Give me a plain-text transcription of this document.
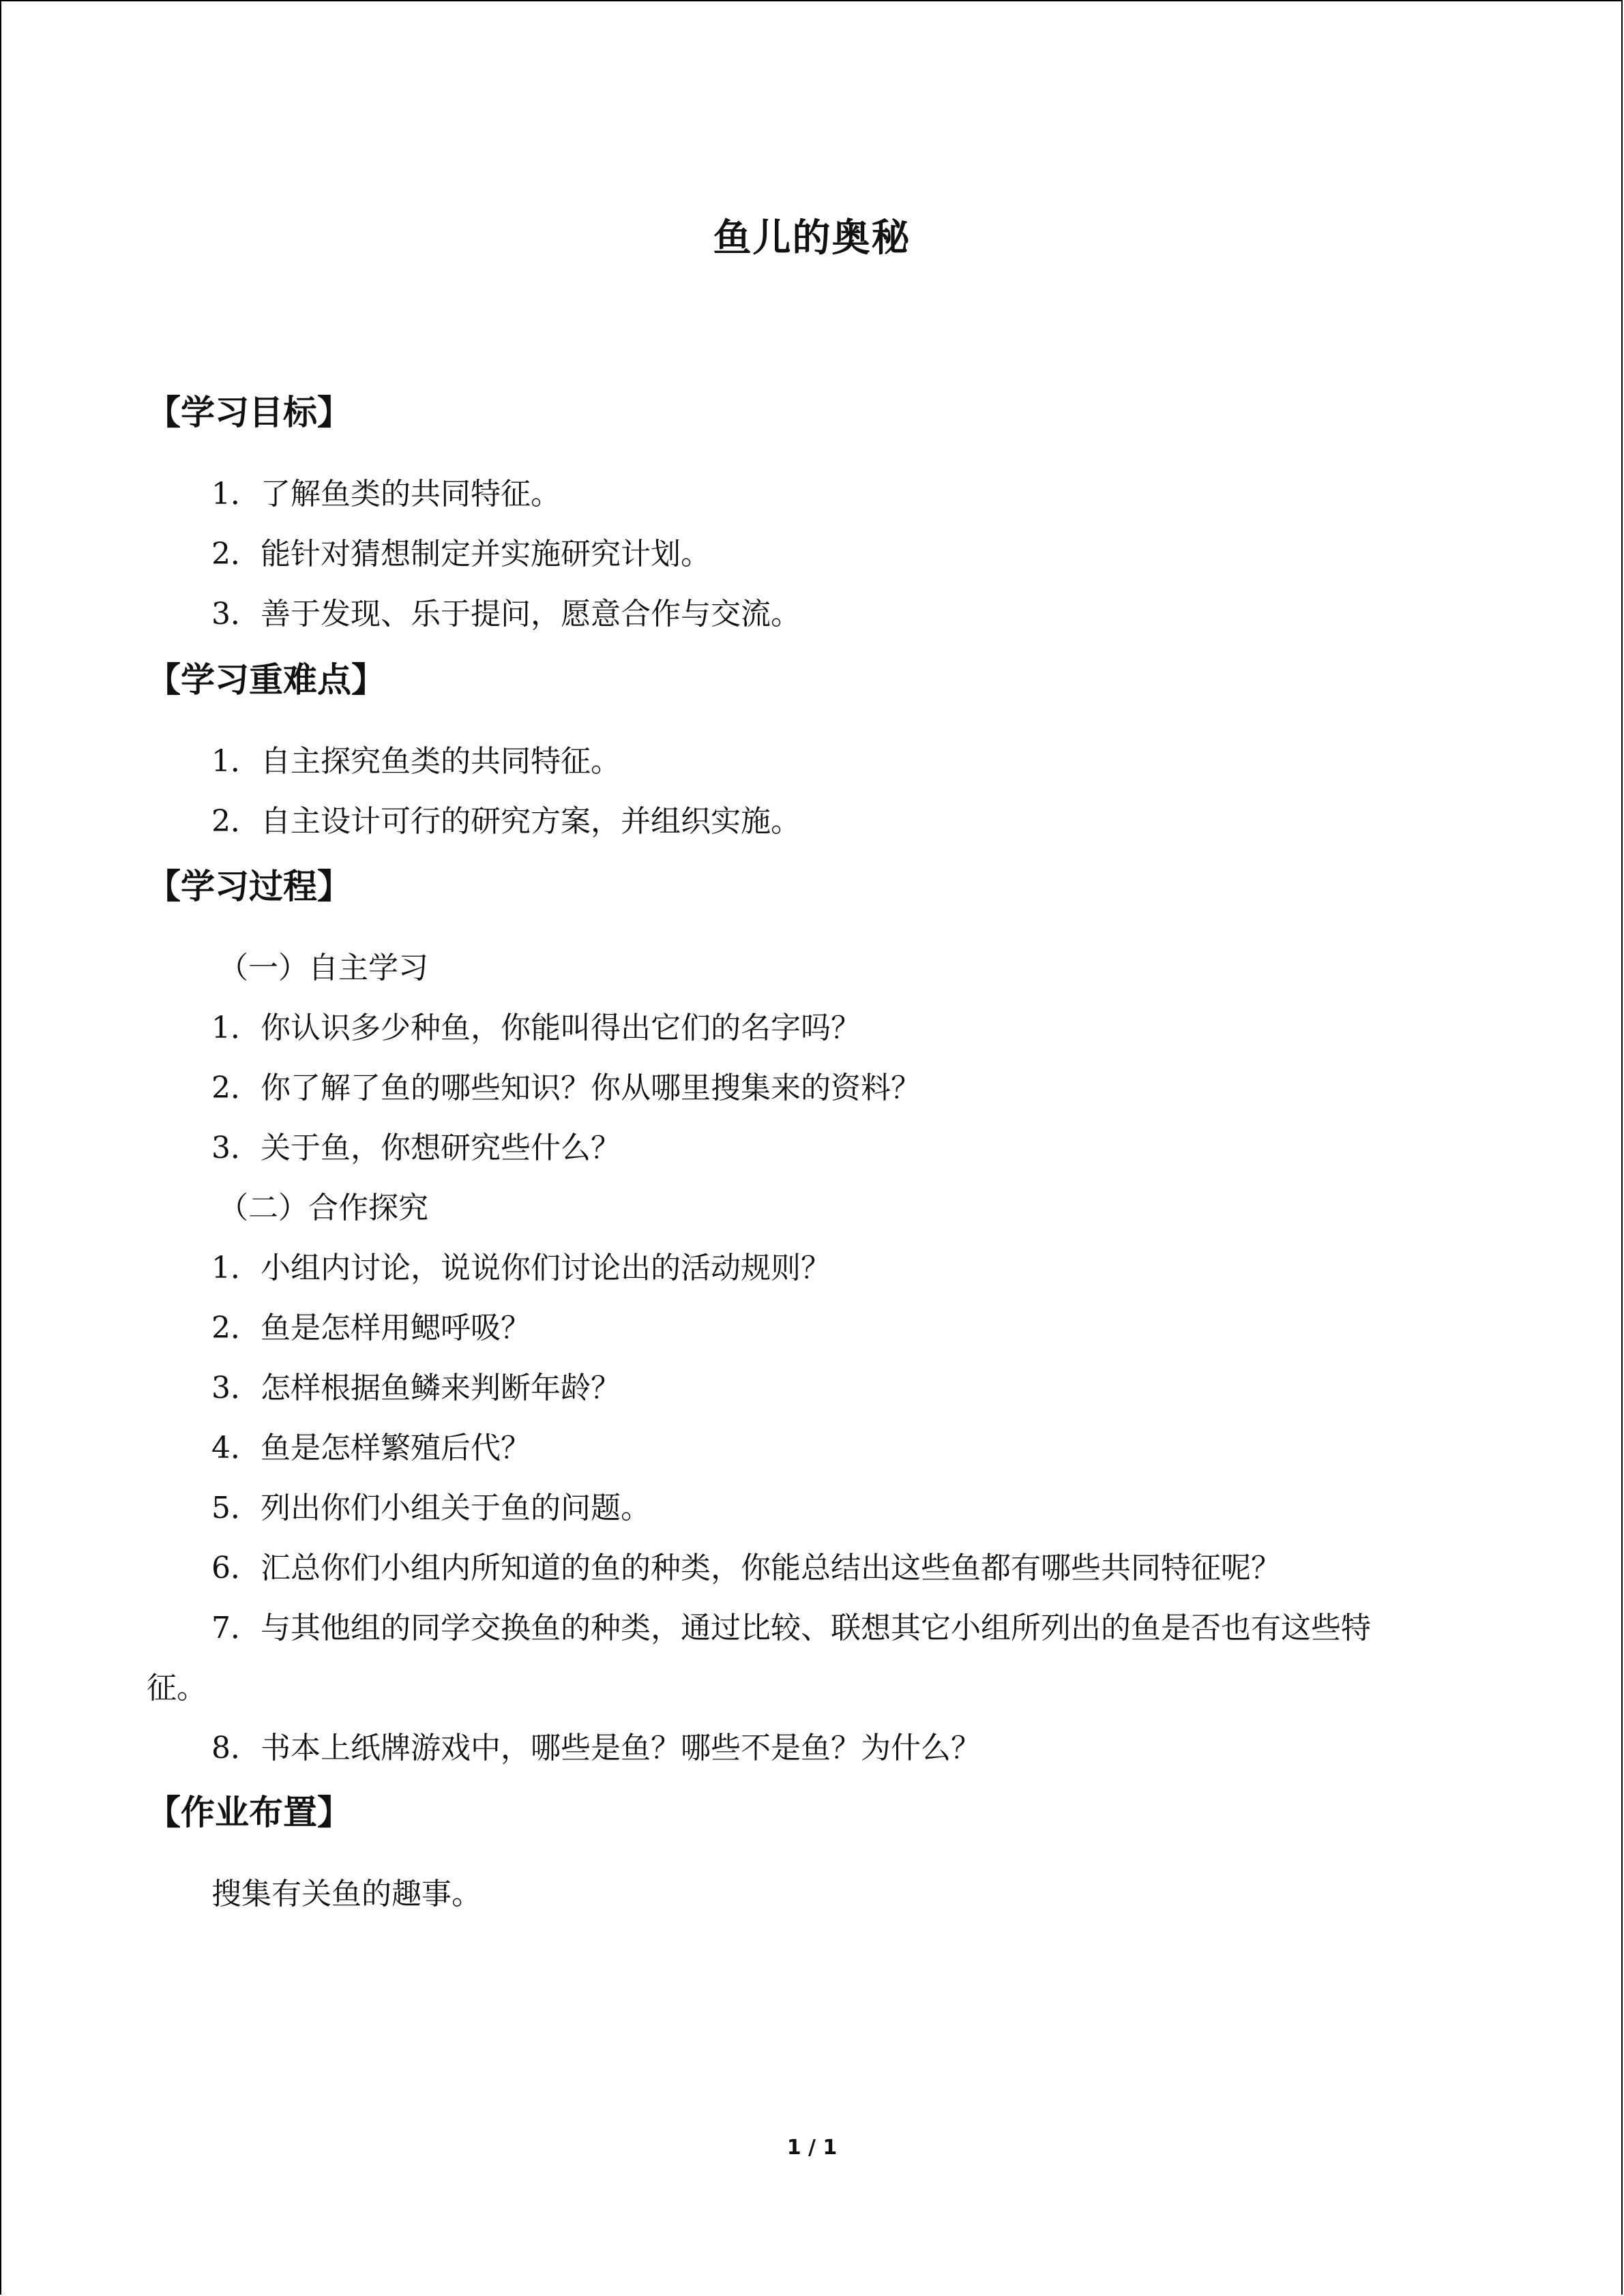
鱼儿的奥秘
【学习目标】
1．了解鱼类的共同特征。
2．能针对猜想制定并实施研究计划。
3．善于发现、乐于提问，愿意合作与交流。
【学习重难点】
1．自主探究鱼类的共同特征。
2．自主设计可行的研究方案，并组织实施。
【学习过程】
（一）自主学习
1．你认识多少种鱼，你能叫得出它们的名字吗？
2．你了解了鱼的哪些知识？你从哪里搜集来的资料？
3．关于鱼，你想研究些什么？
（二）合作探究
1．小组内讨论，说说你们讨论出的活动规则？
2．鱼是怎样用鳃呼吸？
3．怎样根据鱼鳞来判断年龄？
4．鱼是怎样繁殖后代？
5．列出你们小组关于鱼的问题。
6．汇总你们小组内所知道的鱼的种类，你能总结出这些鱼都有哪些共同特征呢？
7．与其他组的同学交换鱼的种类，通过比较、联想其它小组所列出的鱼是否也有这些特
征。
8．书本上纸牌游戏中，哪些是鱼？哪些不是鱼？为什么？
【作业布置】
搜集有关鱼的趣事。
1 / 1
